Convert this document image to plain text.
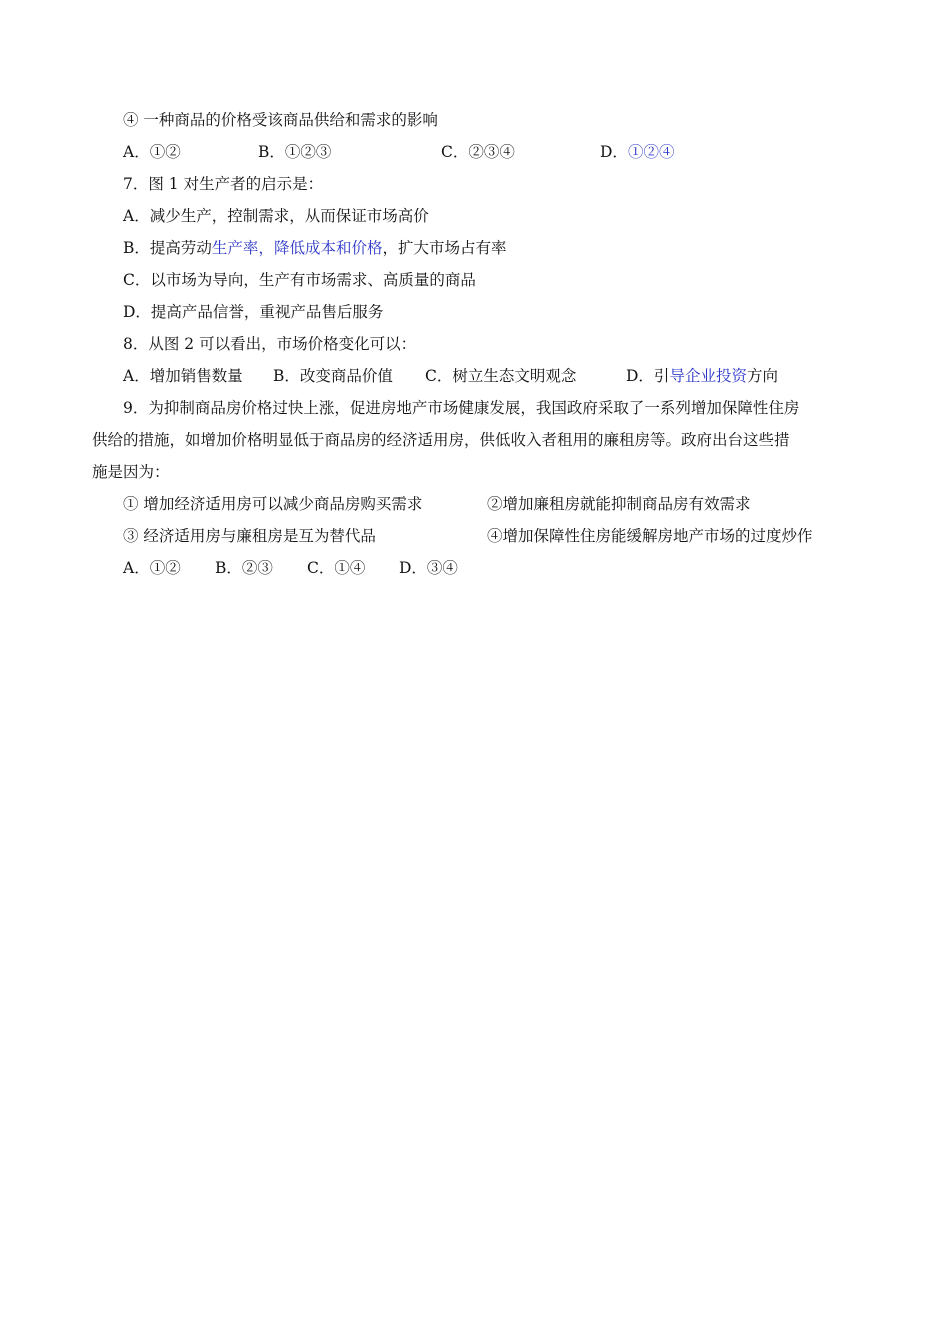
④ 一种商品的价格受该商品供给和需求的影响
A．①②	B．①②③	C．②③④	D．①②④
7．图 1 对生产者的启示是：
A．减少生产，控制需求，从而保证市场高价
B．提高劳动生产率，降低成本和价格，扩大市场占有率
C．以市场为导向，生产有市场需求、高质量的商品
D．提高产品信誉，重视产品售后服务
8．从图 2 可以看出，市场价格变化可以：
A．增加销售数量 B．改变商品价值 C．树立生态文明观念	D．引导企业投资方向
9．为抑制商品房价格过快上涨，促进房地产市场健康发展，我国政府采取了一系列增加保障性住房
供给的措施，如增加价格明显低于商品房的经济适用房，供低收入者租用的廉租房等。政府出台这些措
施是因为：
① 增加经济适用房可以减少商品房购买需求	②增加廉租房就能抑制商品房有效需求
③ 经济适用房与廉租房是互为替代品	④增加保障性住房能缓解房地产市场的过度炒作
A．①② B．②③ C．①④ D．③④
